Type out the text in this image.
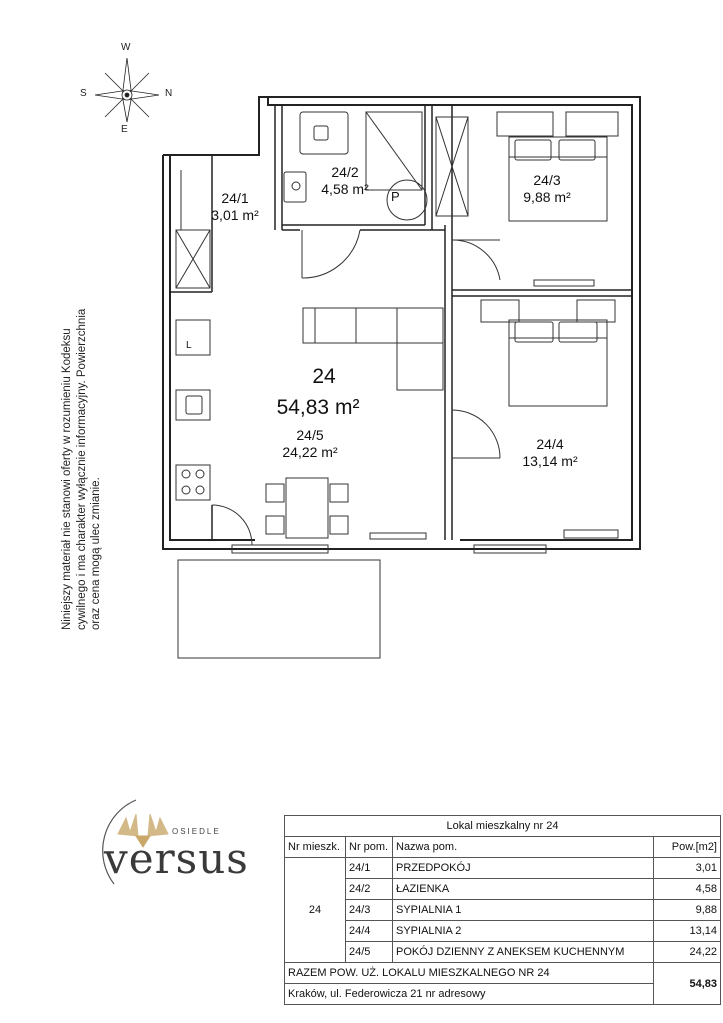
W
S	N
E
24/1
3,01 m²
24/2
4,58 m²	P
24/3
9,88 m²
24/4
13,14 m²
24/5
24,22 m²
L
24
54,83 m²
Niniejszy materiał nie stanowi oferty w rozumieniu Kodeksu cywilnego i ma charakter wyłącznie informacyjny. Powierzchnia oraz cena mogą ulec zmianie.
OSIEDLE
versus
Lokal mieszkalny nr 24			
Nr mieszk.	Nr pom.	Nazwa pom.	Pow.[m2]
24	24/1	PRZEDPOKÓJ	3,01
	24/2	ŁAZIENKA	4,58
	24/3	SYPIALNIA 1	9,88
	24/4	SYPIALNIA 2	13,14
	24/5	POKÓJ DZIENNY Z ANEKSEM KUCHENNYM	24,22
RAZEM POW. UŻ. LOKALU MIESZKALNEGO NR 24			54,83
Kraków, ul. Federowicza 21 nr adresowy			
